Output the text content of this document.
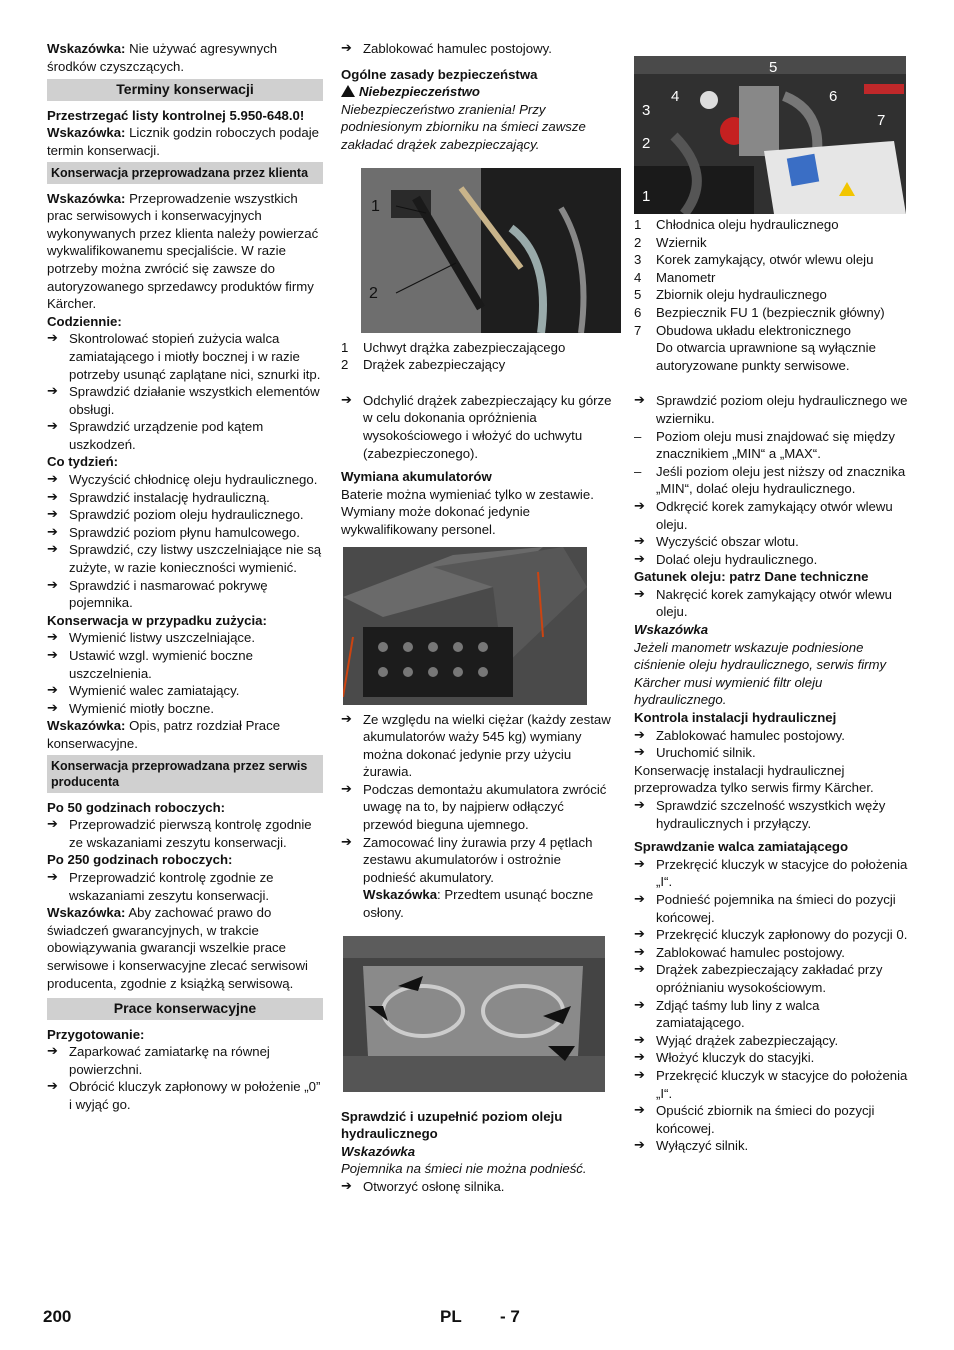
Wskazówka: Nie używać agresywnych środków czyszczących.

Terminy konserwacji

Przestrzegać listy kontrolnej 5.950-648.0!

Wskazówka: Licznik godzin roboczych podaje termin konserwacji.

Konserwacja przeprowadzana przez klienta

Wskazówka: Przeprowadzenie wszystkich prac serwisowych i konserwacyjnych wykonywanych przez klienta należy powierzać wykwalifikowanemu specjaliście. W razie potrzeby można zwrócić się zawsze do autoryzowanego sprzedawcy produktów firmy Kärcher.

Codziennie:

➔ Skontrolować stopień zużycia walca zamiatającego i miotły bocznej i w razie potrzeby usunąć zaplątane nici, sznurki itp.

➔ Sprawdzić działanie wszystkich elementów obsługi.

➔ Sprawdzić urządzenie pod kątem uszkodzeń.

Co tydzień:

➔ Wyczyścić chłodnicę oleju hydraulicznego.

➔ Sprawdzić instalację hydrauliczną.

➔ Sprawdzić poziom oleju hydraulicznego.

➔ Sprawdzić poziom płynu hamulcowego.

➔ Sprawdzić, czy listwy uszczelniające nie są zużyte, w razie konieczności wymienić.

➔ Sprawdzić i nasmarować pokrywę pojemnika.

Konserwacja w przypadku zużycia:

➔ Wymienić listwy uszczelniające.

➔ Ustawić wzgl. wymienić boczne uszczelnienia.

➔ Wymienić walec zamiatający.

➔ Wymienić miotły boczne.

Wskazówka: Opis, patrz rozdział Prace konserwacyjne.

Konserwacja przeprowadzana przez serwis producenta

Po 50 godzinach roboczych:

➔ Przeprowadzić pierwszą kontrolę zgodnie ze wskazaniami zeszytu konserwacji.

Po 250 godzinach roboczych:

➔ Przeprowadzić kontrolę zgodnie ze wskazaniami zeszytu konserwacji.

Wskazówka: Aby zachować prawo do świadczeń gwarancyjnych, w trakcie obowiązywania gwarancji wszelkie prace serwisowe i konserwacyjne zlecać serwisowi producenta, zgodnie z książką serwisową.

Prace konserwacyjne

Przygotowanie:

➔ Zaparkować zamiatarkę na równej powierzchni.

➔ Obrócić kluczyk zapłonowy w położenie „0” i wyjąć go.

➔ Zablokować hamulec postojowy.

Ogólne zasady bezpieczeństwa

Niebezpieczeństwo

Niebezpieczeństwo zranienia! Przy podniesionym zbiorniku na śmieci zawsze zakładać drążek zabezpieczający.

1
2

1 Uchwyt drążka zabezpieczającego

2 Drążek zabezpieczający

➔ Odchylić drążek zabezpieczający ku górze w celu dokonania opróżnienia wysokościowego i włożyć do uchwytu (zabezpieczonego).

Wymiana akumulatorów

Baterie można wymieniać tylko w zestawie. Wymiany może dokonać jedynie wykwalifikowany personel.

➔ Ze względu na wielki ciężar (każdy zestaw akumulatorów waży 545 kg) wymiany można dokonać jedynie przy użyciu żurawia.

➔ Podczas demontażu akumulatora zwrócić uwagę na to, by najpierw odłączyć przewód bieguna ujemnego.

➔ Zamocować liny żurawia przy 4 pętlach zestawu akumulatorów i ostrożnie podnieść akumulatory.

Wskazówka: Przedtem usunąć boczne osłony.

Sprawdzić i uzupełnić poziom oleju hydraulicznego

Wskazówka

Pojemnika na śmieci nie można podnieść.

➔ Otworzyć osłonę silnika.

1
2
3
4
5
6
7

1 Chłodnica oleju hydraulicznego

2 Wziernik

3 Korek zamykający, otwór wlewu oleju

4 Manometr

5 Zbiornik oleju hydraulicznego

6 Bezpiecznik FU 1 (bezpiecznik główny)

7 Obudowa układu elektronicznego

Do otwarcia uprawnione są wyłącznie autoryzowane punkty serwisowe.

➔ Sprawdzić poziom oleju hydraulicznego we wzierniku.

– Poziom oleju musi znajdować się między znacznikiem „MIN“ a „MAX“.

– Jeśli poziom oleju jest niższy od znacznika „MIN“, dolać oleju hydraulicznego.

➔ Odkręcić korek zamykający otwór wlewu oleju.

➔ Wyczyścić obszar wlotu.

➔ Dolać oleju hydraulicznego.

Gatunek oleju: patrz Dane techniczne

➔ Nakręcić korek zamykający otwór wlewu oleju.

Wskazówka

Jeżeli manometr wskazuje podniesione ciśnienie oleju hydraulicznego, serwis firmy Kärcher musi wymienić filtr oleju hydraulicznego.

Kontrola instalacji hydraulicznej

➔ Zablokować hamulec postojowy.

➔ Uruchomić silnik.

Konserwację instalacji hydraulicznej przeprowadza tylko serwis firmy Kärcher.

➔ Sprawdzić szczelność wszystkich węży hydraulicznych i przyłączy.

Sprawdzanie walca zamiatającego

➔ Przekręcić kluczyk w stacyjce do położenia „I“.

➔ Podnieść pojemnika na śmieci do pozycji końcowej.

➔ Przekręcić kluczyk zapłonowy do pozycji 0.

➔ Zablokować hamulec postojowy.

➔ Drążek zabezpieczający zakładać przy opróżnianiu wysokościowym.

➔ Zdjąć taśmy lub liny z walca zamiatającego.

➔ Wyjąć drążek zabezpieczający.

➔ Włożyć kluczyk do stacyjki.

➔ Przekręcić kluczyk w stacyjce do położenia „I“.

➔ Opuścić zbiornik na śmieci do pozycji końcowej.

➔ Wyłączyć silnik.

200	PL - 7
